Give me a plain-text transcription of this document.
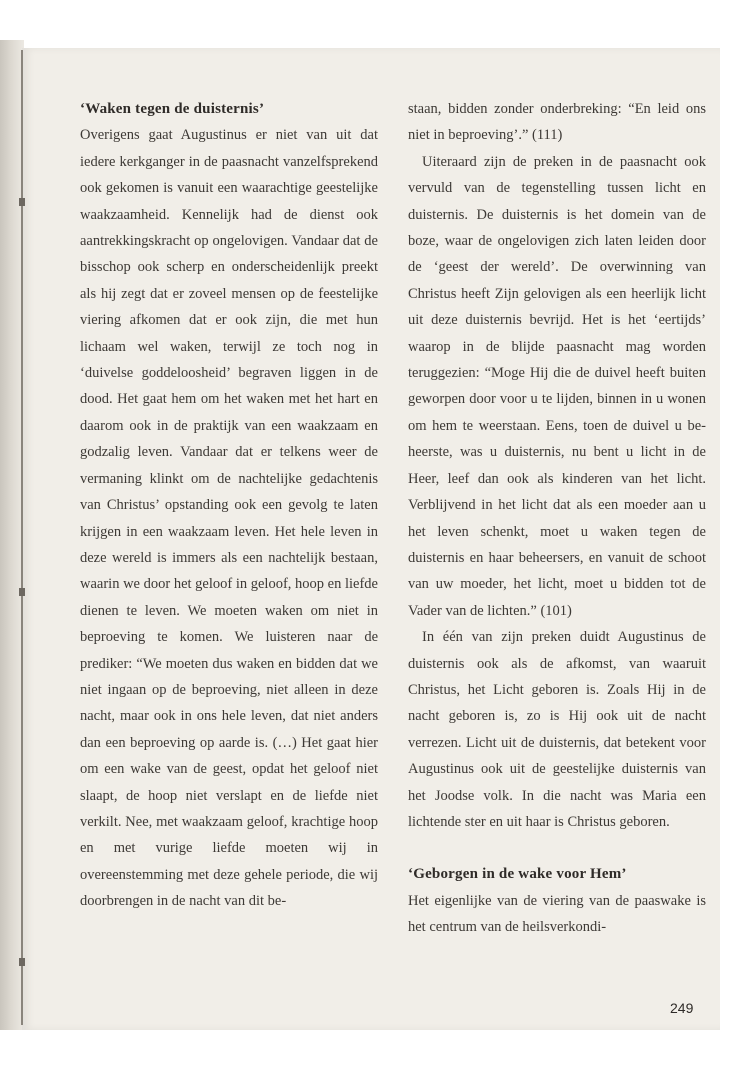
‘Waken tegen de duisternis’

Overigens gaat Augustinus er niet van uit dat iedere kerkganger in de paasnacht vanzelfsprekend ook gekomen is vanuit een waarachtige geestelijke waakzaamheid. Kennelijk had de dienst ook aantrekkingskracht op ongelovigen. Vandaar dat de bisschop ook scherp en onderscheidenlijk preekt als hij zegt dat er zoveel mensen op de feestelijke viering afkomen dat er ook zijn, die met hun lichaam wel waken, terwijl ze toch nog in ‘duivelse goddeloosheid’ begraven liggen in de dood. Het gaat hem om het waken met het hart en daarom ook in de praktijk van een waakzaam en godzalig leven. Vandaar dat er telkens weer de vermaning klinkt om de nachtelijke gedachtenis van Christus’ opstanding ook een gevolg te laten krijgen in een waakzaam leven. Het hele leven in deze wereld is immers als een nachtelijk bestaan, waarin we door het geloof in geloof, hoop en liefde dienen te leven. We moeten waken om niet in beproeving te komen. We luisteren naar de prediker: “We moeten dus waken en bidden dat we niet ingaan op de beproeving, niet alleen in deze nacht, maar ook in ons hele leven, dat niet anders dan een beproeving op aarde is. (…) Het gaat hier om een wake van de geest, opdat het geloof niet slaapt, de hoop niet verslapt en de liefde niet verkilt. Nee, met waakzaam geloof, krachtige hoop en met vurige liefde moeten wij in overeenstemming met deze gehele periode, die wij doorbrengen in de nacht van dit be-

staan, bidden zonder onderbreking: “En leid ons niet in beproeving’.” (111)

Uiteraard zijn de preken in de paasnacht ook vervuld van de tegenstelling tussen licht en duisternis. De duisternis is het domein van de boze, waar de ongelovigen zich laten leiden door de ‘geest der wereld’. De overwinning van Christus heeft Zijn gelovigen als een heerlijk licht uit deze duisternis bevrijd. Het is het ‘eertijds’ waarop in de blijde paasnacht mag worden teruggezien: “Moge Hij die de duivel heeft buiten geworpen door voor u te lijden, binnen in u wonen om hem te weerstaan. Eens, toen de duivel u beheerste, was u duisternis, nu bent u licht in de Heer, leef dan ook als kinderen van het licht. Verblijvend in het licht dat als een moeder aan u het leven schenkt, moet u waken tegen de duisternis en haar beheersers, en vanuit de schoot van uw moeder, het licht, moet u bidden tot de Vader van de lichten.” (101)

In één van zijn preken duidt Augustinus de duisternis ook als de afkomst, van waaruit Christus, het Licht geboren is. Zoals Hij in de nacht geboren is, zo is Hij ook uit de nacht verrezen. Licht uit de duisternis, dat betekent voor Augustinus ook uit de geestelijke duisternis van het Joodse volk. In die nacht was Maria een lichtende ster en uit haar is Christus geboren.

‘Geborgen in de wake voor Hem’

Het eigenlijke van de viering van de paaswake is het centrum van de heilsverkondi-

249
